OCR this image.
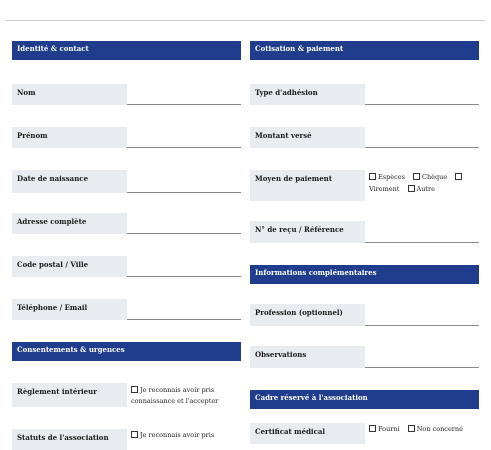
Identité & contact
Nom
Prénom
Date de naissance
Adresse complète
Code postal / Ville
Téléphone / Email
Consentements & urgences
Règlement intérieur	Je reconnais avoir pris connaissance et l'accepter
Statuts de l'association	Je reconnais avoir pris
Cotisation & paiement
Type d'adhésion
Montant versé
Moyen de paiement	Espèces	Chèque
Virement	Autre
N° de reçu / Référence
Informations complémentaires
Profession (optionnel)
Observations
Cadre réservé à l'association
Certificat médical	Fourni	Non concerné
